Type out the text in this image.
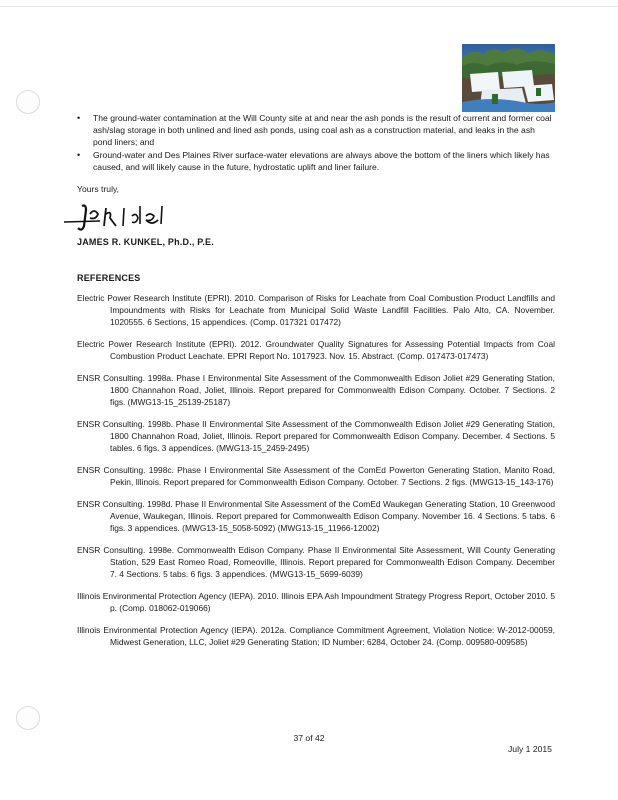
• The ground-water contamination at the Will County site at and near the ash ponds is the result of current and former coal ash/slag storage in both unlined and lined ash ponds, using coal ash as a construction material, and leaks in the ash pond liners; and
• Ground-water and Des Plaines River surface-water elevations are always above the bottom of the liners which likely has caused, and will likely cause in the future, hydrostatic uplift and liner failure.
Yours truly,
JAMES R. KUNKEL, Ph.D., P.E.
REFERENCES
Electric Power Research Institute (EPRI). 2010. Comparison of Risks for Leachate from Coal Combustion Product Landfills and Impoundments with Risks for Leachate from Municipal Solid Waste Landfill Facilities. Palo Alto, CA. November. 1020555. 6 Sections, 15 appendices. (Comp. 017321 017472)
Electric Power Research Institute (EPRI). 2012. Groundwater Quality Signatures for Assessing Potential Impacts from Coal Combustion Product Leachate. EPRI Report No. 1017923. Nov. 15. Abstract. (Comp. 017473-017473)
ENSR Consulting. 1998a. Phase I Environmental Site Assessment of the Commonwealth Edison Joliet #29 Generating Station, 1800 Channahon Road, Joliet, Illinois. Report prepared for Commonwealth Edison Company. October. 7 Sections. 2 figs. (MWG13-15_25139-25187)
ENSR Consulting. 1998b. Phase II Environmental Site Assessment of the Commonwealth Edison Joliet #29 Generating Station, 1800 Channahon Road, Joliet, Illinois. Report prepared for Commonwealth Edison Company. December. 4 Sections. 5 tables. 6 figs. 3 appendices. (MWG13-15_2459-2495)
ENSR Consulting. 1998c. Phase I Environmental Site Assessment of the ComEd Powerton Generating Station, Manito Road, Pekin, Illinois. Report prepared for Commonwealth Edison Company. October. 7 Sections. 2 figs. (MWG13-15_143-176)
ENSR Consulting. 1998d. Phase II Environmental Site Assessment of the ComEd Waukegan Generating Station, 10 Greenwood Avenue, Waukegan, Illinois. Report prepared for Commonwealth Edison Company. November 16. 4 Sections. 5 tabs. 6 figs. 3 appendices. (MWG13-15_5058-5092) (MWG13-15_11966-12002)
ENSR Consulting. 1998e. Commonwealth Edison Company. Phase II Environmental Site Assessment, Will County Generating Station, 529 East Romeo Road, Romeoville, Illinois. Report prepared for Commonwealth Edison Company. December 7. 4 Sections. 5 tabs. 6 figs. 3 appendices. (MWG13-15_5699-6039)
Illinois Environmental Protection Agency (IEPA). 2010. Illinois EPA Ash Impoundment Strategy Progress Report, October 2010. 5 p. (Comp. 018062-019066)
Illinois Environmental Protection Agency (IEPA). 2012a. Compliance Commitment Agreement, Violation Notice: W-2012-00059, Midwest Generation, LLC, Joliet #29 Generating Station; ID Number: 6284, October 24. (Comp. 009580-009585)
37 of 42
July 1 2015
